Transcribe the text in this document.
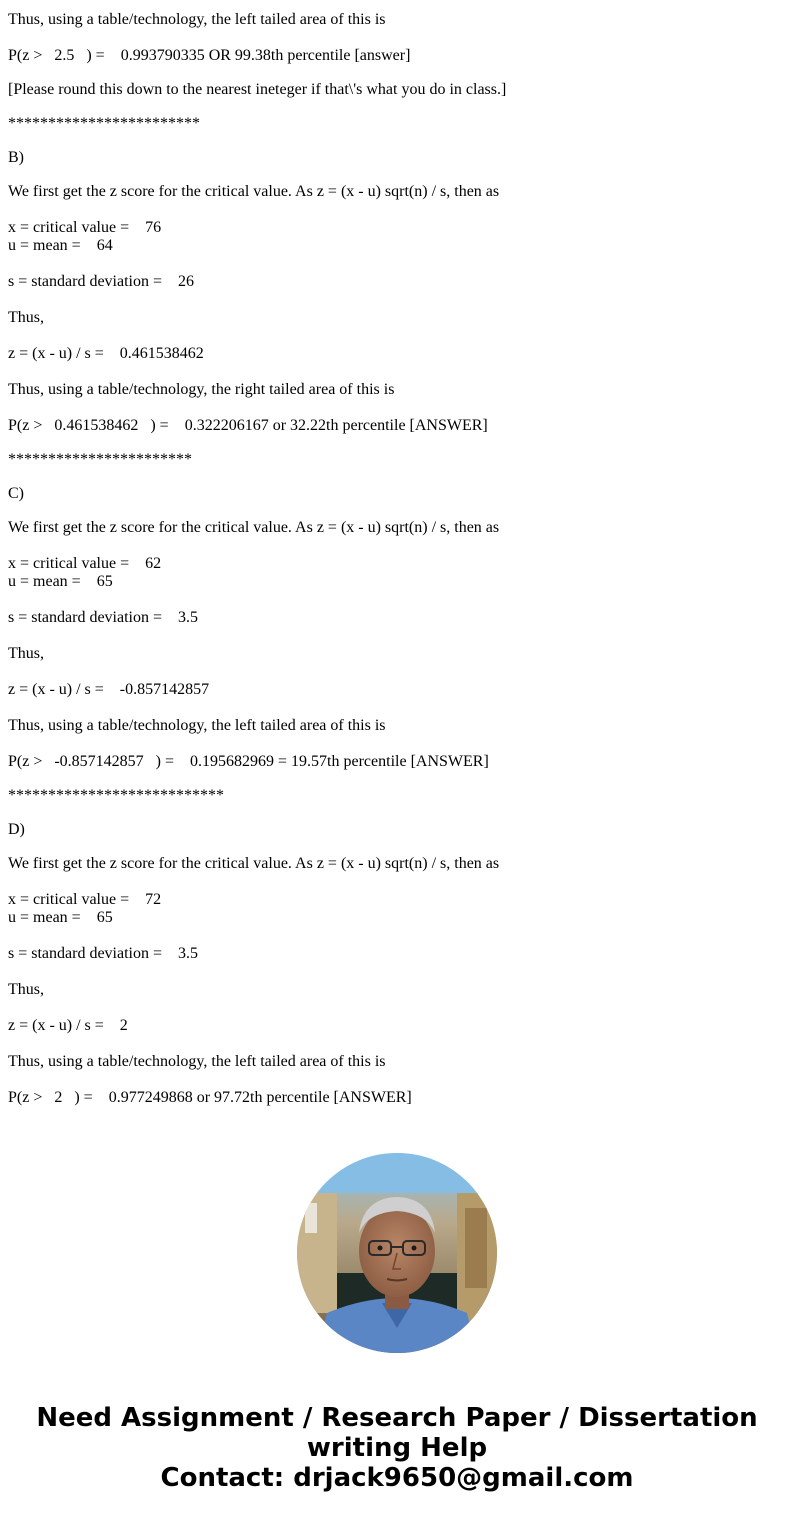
Thus, using a table/technology, the left tailed area of this is
P(z >   2.5   ) =    0.993790335 OR 99.38th percentile [answer]
[Please round this down to the nearest ineteger if that\'s what you do in class.]
************************
B)
We first get the z score for the critical value. As z = (x - u) sqrt(n) / s, then as
x = critical value =    76
u = mean =    64
s = standard deviation =    26
Thus,
z = (x - u) / s =    0.461538462
Thus, using a table/technology, the right tailed area of this is
P(z >   0.461538462   ) =    0.322206167 or 32.22th percentile [ANSWER]
***********************
C)
We first get the z score for the critical value. As z = (x - u) sqrt(n) / s, then as
x = critical value =    62
u = mean =    65
s = standard deviation =    3.5
Thus,
z = (x - u) / s =    -0.857142857
Thus, using a table/technology, the left tailed area of this is
P(z >   -0.857142857   ) =    0.195682969 = 19.57th percentile [ANSWER]
***************************
D)
We first get the z score for the critical value. As z = (x - u) sqrt(n) / s, then as
x = critical value =    72
u = mean =    65
s = standard deviation =    3.5
Thus,
z = (x - u) / s =    2
Thus, using a table/technology, the left tailed area of this is
P(z >   2   ) =    0.977249868 or 97.72th percentile [ANSWER]
Need Assignment / Research Paper / Dissertation
writing Help
Contact: drjack9650@gmail.com
